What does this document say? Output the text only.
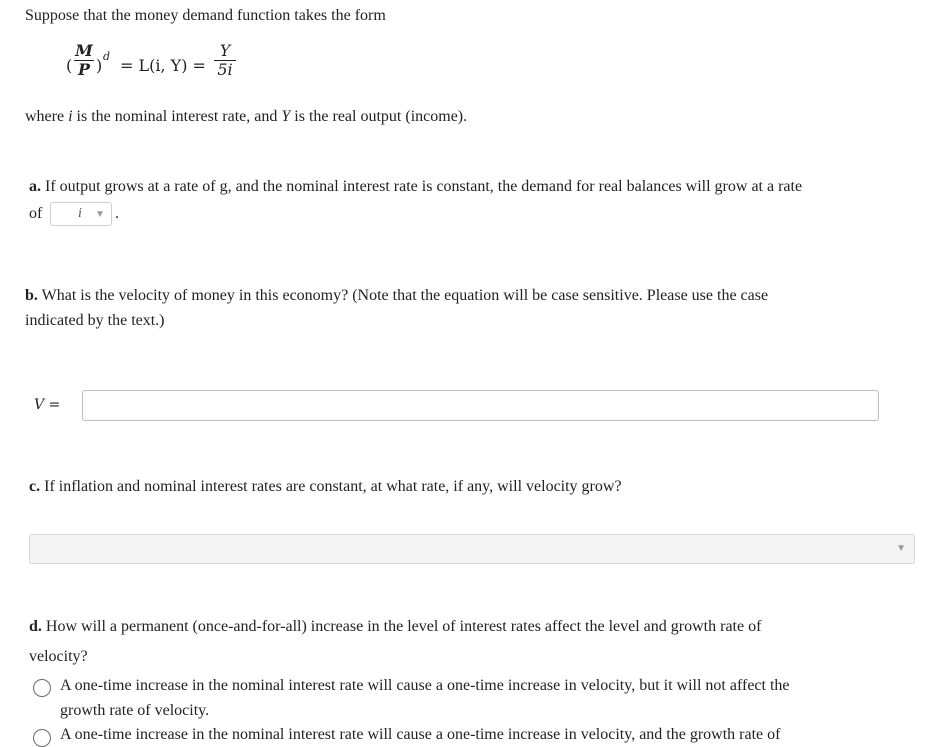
Suppose that the money demand function takes the form
(
M
P ) d = L(i, Y) =
Y
5i
where i is the nominal interest rate, and Y is the real output (income).
a. If output grows at a rate of g, and the nominal interest rate is constant, the demand for real balances will grow at a rate
of	i ▼ .
b. What is the velocity of money in this economy? (Note that the equation will be case sensitive. Please use the case
indicated by the text.)
V =
c. If inflation and nominal interest rates are constant, at what rate, if any, will velocity grow?
▼
d. How will a permanent (once-and-for-all) increase in the level of interest rates affect the level and growth rate of
velocity?
A one-time increase in the nominal interest rate will cause a one-time increase in velocity, but it will not affect the
growth rate of velocity.
A one-time increase in the nominal interest rate will cause a one-time increase in velocity, and the growth rate of
